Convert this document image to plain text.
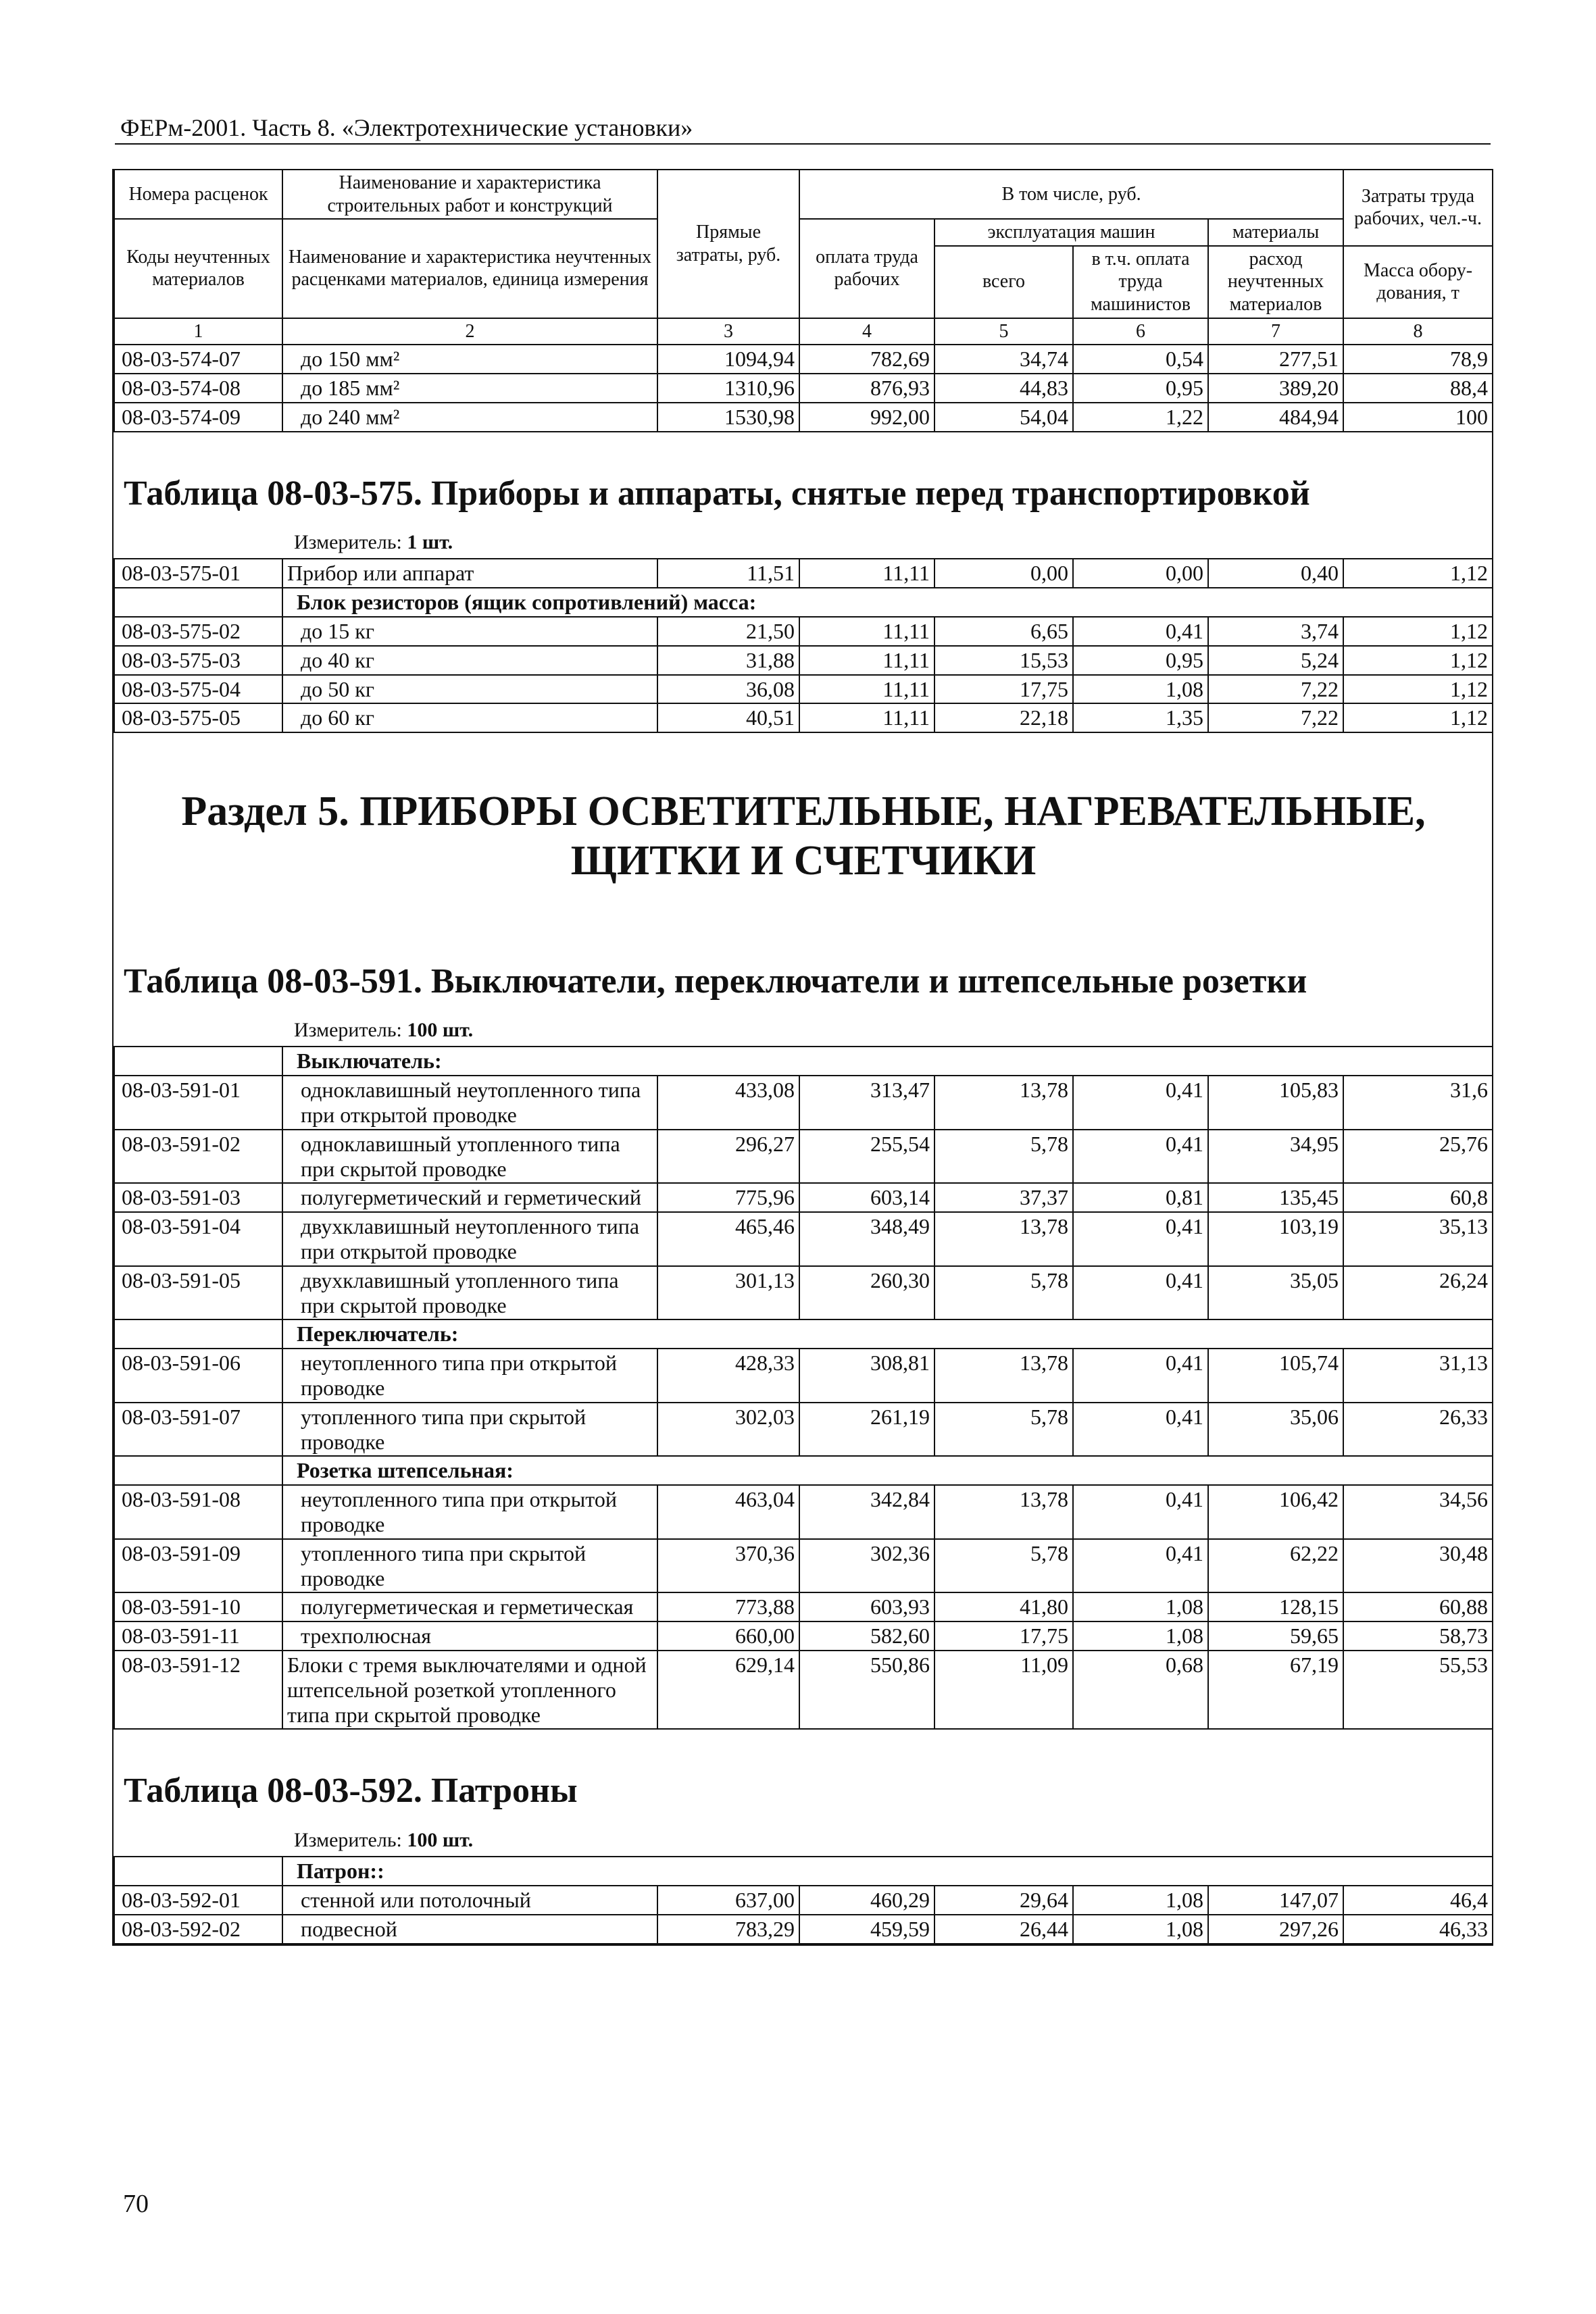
ФЕРм-2001. Часть 8. «Электротехнические установки»
Номера расценок	Наименование и характеристика строительных работ и конструкций	Прямые затраты, руб.	В том числе, руб.				Затраты труда рабочих, чел.-ч.
Коды неучтенных материалов	Наименование и характеристика неучтенных расценками материалов, единица измерения		оплата труда рабочих	эксплуатация машин		материалы	
				всего	в т.ч. оплата труда машинистов	расход неучтенных материалов	Масса обору-дования, т
1	2	3	4	5	6	7	8
08-03-574-07	до 150 мм²	1094,94	782,69	34,74	0,54	277,51	78,9
08-03-574-08	до 185 мм²	1310,96	876,93	44,83	0,95	389,20	88,4
08-03-574-09	до 240 мм²	1530,98	992,00	54,04	1,22	484,94	100
Таблица 08-03-575. Приборы и аппараты, снятые перед транспортировкой							
Измеритель: 1 шт.							
08-03-575-01	Прибор или аппарат	11,51	11,11	0,00	0,00	0,40	1,12
	Блок резисторов (ящик сопротивлений) масса:						
08-03-575-02	до 15 кг	21,50	11,11	6,65	0,41	3,74	1,12
08-03-575-03	до 40 кг	31,88	11,11	15,53	0,95	5,24	1,12
08-03-575-04	до 50 кг	36,08	11,11	17,75	1,08	7,22	1,12
08-03-575-05	до 60 кг	40,51	11,11	22,18	1,35	7,22	1,12
Раздел 5. ПРИБОРЫ ОСВЕТИТЕЛЬНЫЕ, НАГРЕВАТЕЛЬНЫЕ, ЩИТКИ И СЧЕТЧИКИ							
Таблица 08-03-591. Выключатели, переключатели и штепсельные розетки							
Измеритель: 100 шт.							
	Выключатель:						
08-03-591-01	одноклавишный неутопленного типа при открытой проводке	433,08	313,47	13,78	0,41	105,83	31,6
08-03-591-02	одноклавишный утопленного типа при скрытой проводке	296,27	255,54	5,78	0,41	34,95	25,76
08-03-591-03	полугерметический и герметический	775,96	603,14	37,37	0,81	135,45	60,8
08-03-591-04	двухклавишный неутопленного типа при открытой проводке	465,46	348,49	13,78	0,41	103,19	35,13
08-03-591-05	двухклавишный утопленного типа при скрытой проводке	301,13	260,30	5,78	0,41	35,05	26,24
	Переключатель:						
08-03-591-06	неутопленного типа при открытой проводке	428,33	308,81	13,78	0,41	105,74	31,13
08-03-591-07	утопленного типа при скрытой проводке	302,03	261,19	5,78	0,41	35,06	26,33
	Розетка штепсельная:						
08-03-591-08	неутопленного типа при открытой проводке	463,04	342,84	13,78	0,41	106,42	34,56
08-03-591-09	утопленного типа при скрытой проводке	370,36	302,36	5,78	0,41	62,22	30,48
08-03-591-10	полугерметическая и герметическая	773,88	603,93	41,80	1,08	128,15	60,88
08-03-591-11	трехполюсная	660,00	582,60	17,75	1,08	59,65	58,73
08-03-591-12	Блоки с тремя выключателями и одной штепсельной розеткой утопленного типа при скрытой проводке	629,14	550,86	11,09	0,68	67,19	55,53
Таблица 08-03-592. Патроны							
Измеритель: 100 шт.							
	Патрон::						
08-03-592-01	стенной или потолочный	637,00	460,29	29,64	1,08	147,07	46,4
08-03-592-02	подвесной	783,29	459,59	26,44	1,08	297,26	46,33
70
